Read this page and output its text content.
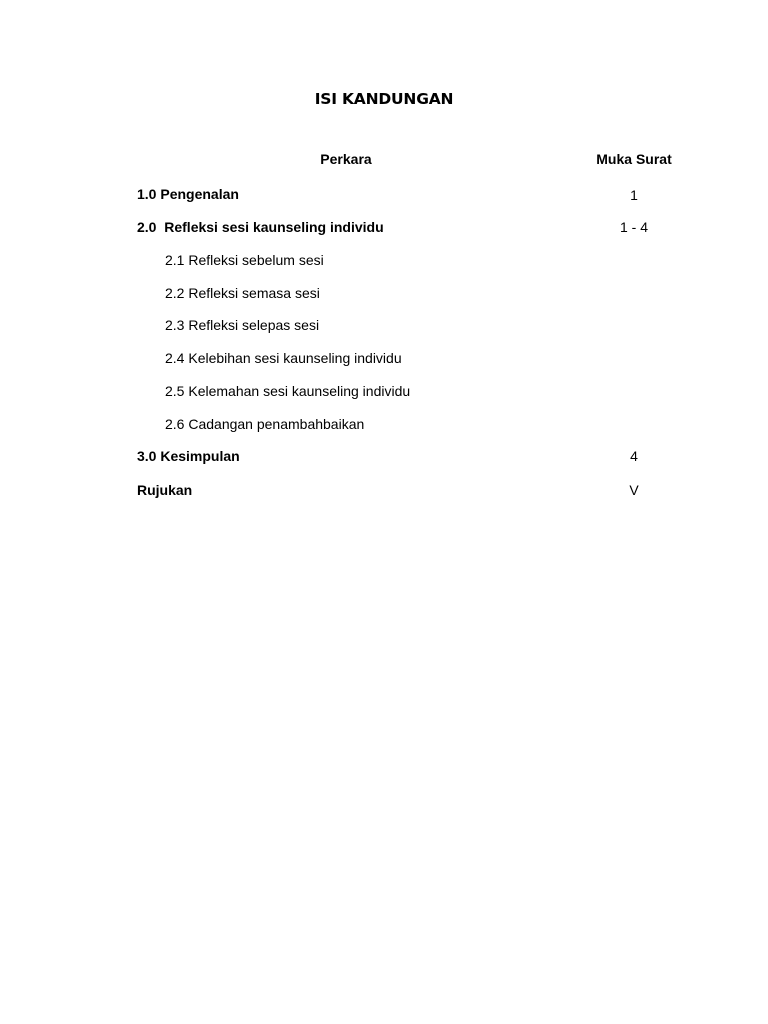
ISI KANDUNGAN
Perkara	Muka Surat
1.0 Pengenalan	1
2.0  Refleksi sesi kaunseling individu	1 - 4
2.1 Refleksi sebelum sesi
2.2 Refleksi semasa sesi
2.3 Refleksi selepas sesi
2.4 Kelebihan sesi kaunseling individu
2.5 Kelemahan sesi kaunseling individu
2.6 Cadangan penambahbaikan
3.0 Kesimpulan	4
Rujukan	V
